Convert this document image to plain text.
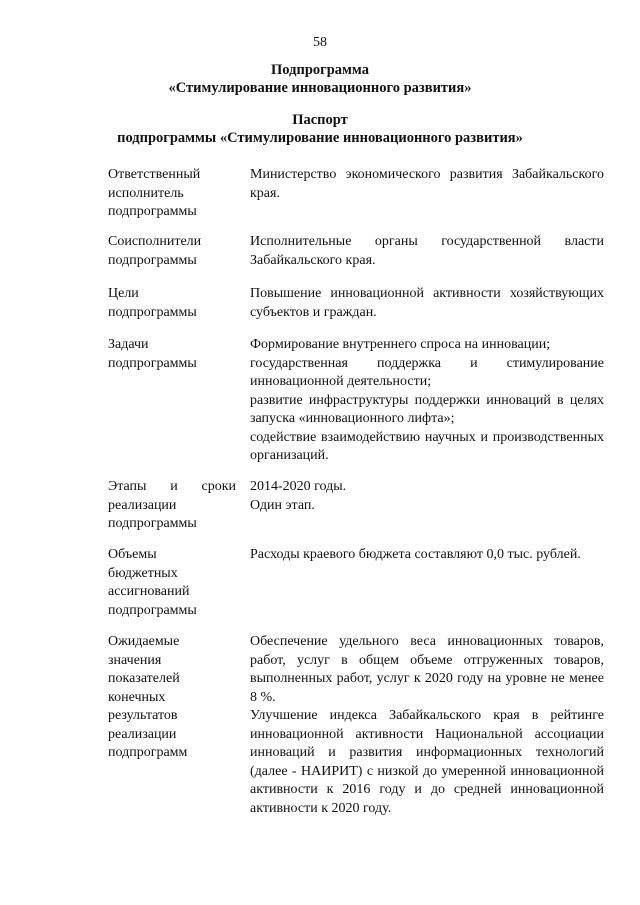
58
Подпрограмма
«Стимулирование инновационного развития»
Паспорт
подпрограммы «Стимулирование инновационного развития»
Ответственный
исполнитель
подпрограммы

Министерство экономического развития Забайкальского края.

Соисполнители
подпрограммы

Исполнительные органы государственной власти Забайкальского края.

Цели
подпрограммы

Повышение инновационной активности хозяйствующих субъектов и граждан.

Задачи
подпрограммы

Формирование внутреннего спроса на инновации;

государственная поддержка и стимулирование инновационной деятельности;

развитие инфраструктуры поддержки инноваций в целях запуска «инновационного лифта»;

содействие взаимодействию научных и производственных организаций.

Этапы и сроки
реализации
подпрограммы

2014-2020 годы.

Один этап.

Объемы
бюджетных
ассигнований
подпрограммы

Расходы краевого бюджета составляют 0,0 тыс. рублей.

Ожидаемые
значения
показателей
конечных
результатов
реализации
подпрограмм

Обеспечение удельного веса инновационных товаров, работ, услуг в общем объеме отгруженных товаров, выполненных работ, услуг к 2020 году на уровне не менее 8 %.

Улучшение индекса Забайкальского края в рейтинге инновационной активности Национальной ассоциации инноваций и развития информационных технологий (далее - НАИРИТ) с низкой до умеренной инновационной активности к 2016 году и до средней инновационной активности к 2020 году.
